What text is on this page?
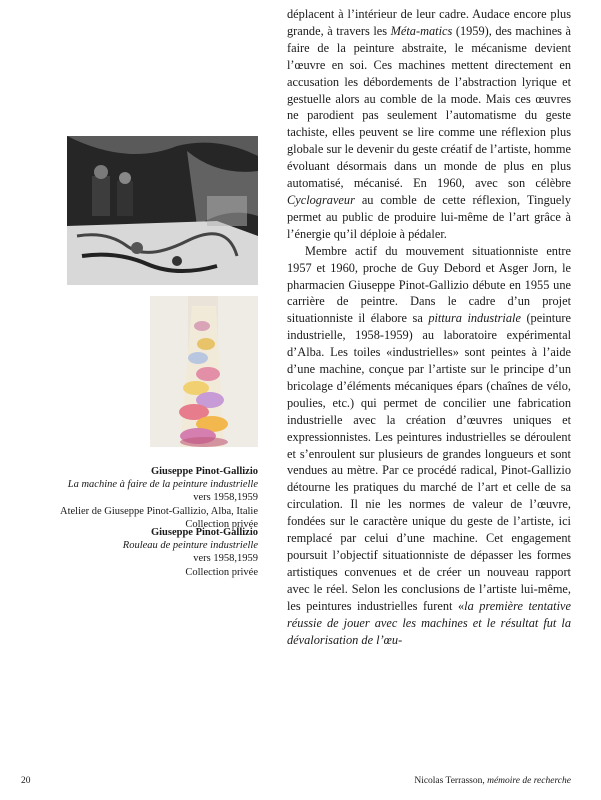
Giuseppe Pinot-Gallizio
La machine à faire de la peinture industrielle
vers 1958,1959
Atelier de Giuseppe Pinot-Gallizio, Alba, Italie
Collection privée
Giuseppe Pinot-Gallizio
Rouleau de peinture industrielle
vers 1958,1959
Collection privée

déplacent à l’intérieur de leur cadre. Audace encore plus grande, à travers les Méta-matics (1959), des machines à faire de la peinture abstraite, le mécanisme devient l’œuvre en soi. Ces machines mettent directement en accusation les débordements de l’abstraction lyrique et gestuelle alors au comble de la mode. Mais ces œuvres ne parodient pas seulement l’automatisme du geste tachiste, elles peuvent se lire comme une réflexion plus globale sur le devenir du geste créatif de l’artiste, homme évoluant désormais dans un monde de plus en plus automatisé, mécanisé. En 1960, avec son célèbre Cyclograveur au comble de cette réflexion, Tinguely permet au public de produire lui-même de l’art grâce à l’énergie qu’il déploie à pédaler.

Membre actif du mouvement situationniste entre 1957 et 1960, proche de Guy Debord et Asger Jorn, le pharmacien Giuseppe Pinot-Gallizio débute en 1955 une carrière de peintre. Dans le cadre d’un projet situationniste il élabore sa pittura industriale (peinture industrielle, 1958-1959) au laboratoire expérimental d’Alba. Les toiles «industrielles» sont peintes à l’aide d’une machine, conçue par l’artiste sur le principe d’un bricolage d’éléments mécaniques épars (chaînes de vélo, poulies, etc.) qui permet de concilier une fabrication industrielle avec la création d’œuvres uniques et expressionnistes. Les peintures industrielles se déroulent et s’enroulent sur plusieurs de grandes longueurs et sont vendues au mètre. Par ce procédé radical, Pinot-Gallizio détourne les pratiques du marché de l’art et celle de sa circulation. Il nie les normes de valeur de l’œuvre, fondées sur le caractère unique du geste de l’artiste, ici remplacé par celui d’une machine. Cet engagement poursuit l’objectif situationniste de dépasser les formes artistiques convenues et de créer un nouveau rapport avec le réel. Selon les conclusions de l’artiste lui-même, les peintures industrielles furent «la première tentative réussie de jouer avec les machines et le résultat fut la dévalorisation de l’œu-

20	Nicolas Terrasson, mémoire de recherche
